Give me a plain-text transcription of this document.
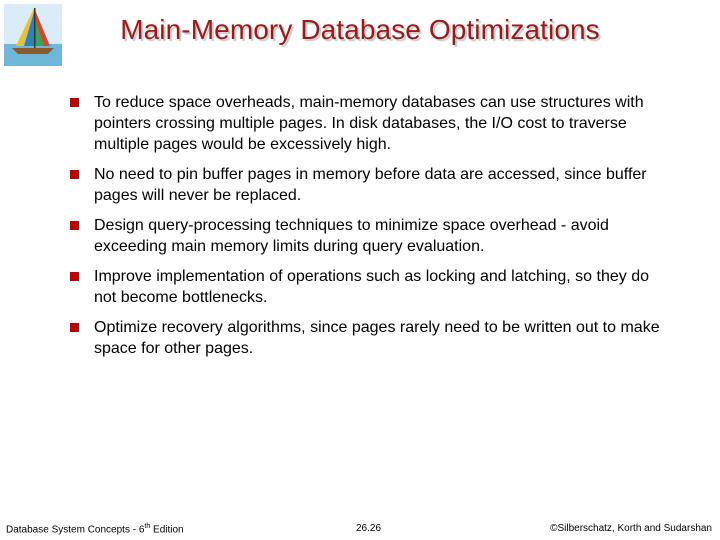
Main-Memory Database Optimizations
To reduce space overheads, main-memory databases can use structures with pointers crossing multiple pages. In disk databases, the I/O cost to traverse multiple pages would be excessively high.
No need to pin buffer pages in memory before data are accessed, since buffer pages will never be replaced.
Design query-processing techniques to minimize space overhead - avoid exceeding main memory limits during query evaluation.
Improve implementation of operations such as locking and latching, so they do not become bottlenecks.
Optimize recovery algorithms, since pages rarely need to be written out to make space for other pages.
Database System Concepts - 6th Edition	26.26	©Silberschatz, Korth and Sudarshan
